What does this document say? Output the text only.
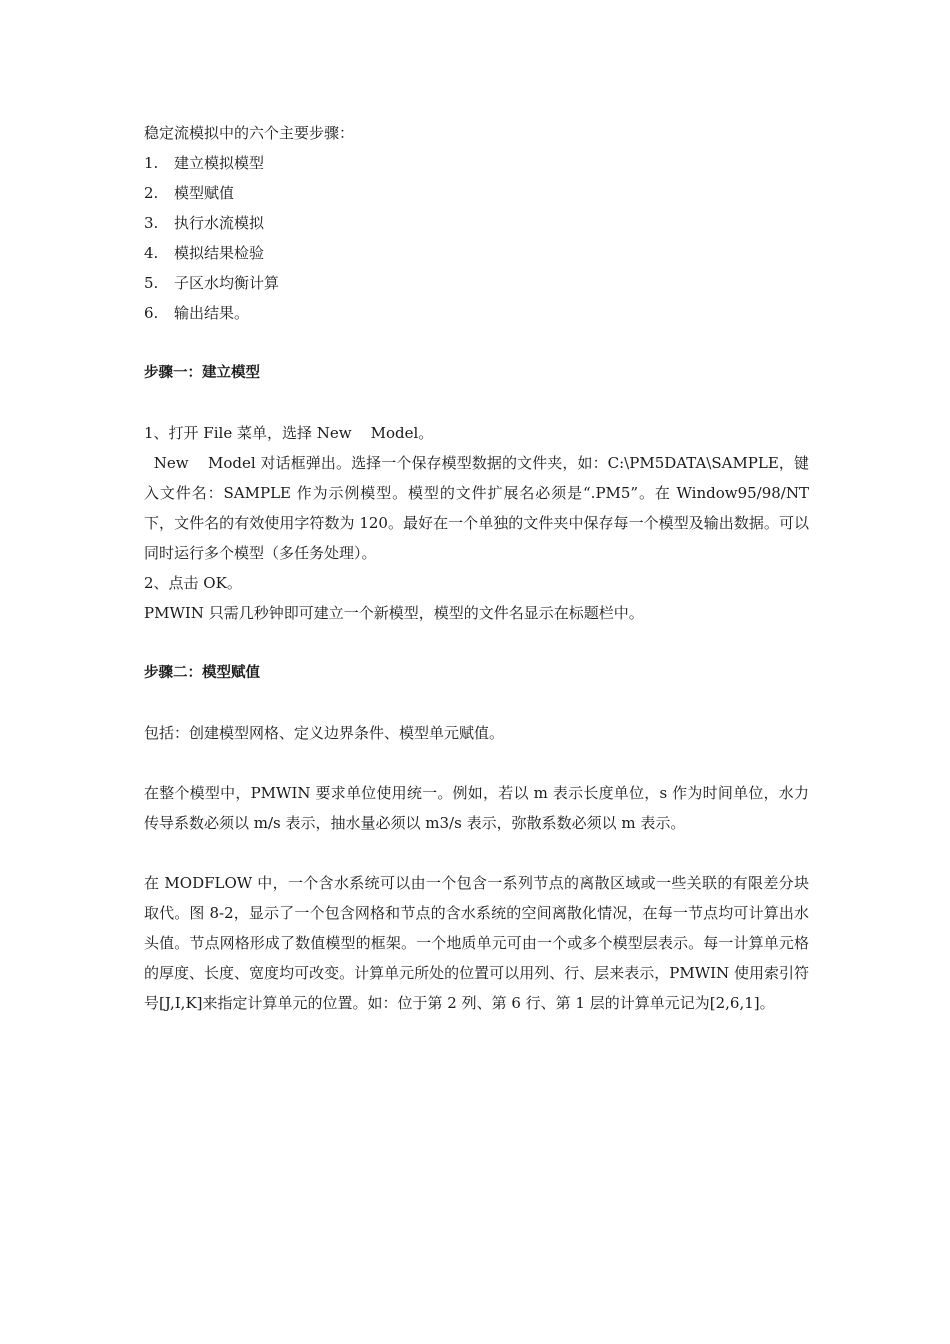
稳定流模拟中的六个主要步骤：

1.	建立模拟模型
2.	模型赋值
3.	执行水流模拟
4.	模拟结果检验
5.	子区水均衡计算
6.	输出结果。

步骤一：建立模型

1、打开 File 菜单，选择 New    Model。

New    Model 对话框弹出。选择一个保存模型数据的文件夹，如：C:\PM5DATA\SAMPLE，键入文件名：SAMPLE 作为示例模型。模型的文件扩展名必须是“.PM5”。在 Window95/98/NT 下，文件名的有效使用字符数为 120。最好在一个单独的文件夹中保存每一个模型及输出数据。可以同时运行多个模型（多任务处理）。

2、点击 OK。

PMWIN 只需几秒钟即可建立一个新模型，模型的文件名显示在标题栏中。

步骤二：模型赋值

包括：创建模型网格、定义边界条件、模型单元赋值。

在整个模型中，PMWIN 要求单位使用统一。例如，若以 m 表示长度单位，s 作为时间单位，水力传导系数必须以 m/s 表示，抽水量必须以 m3/s 表示，弥散系数必须以 m 表示。

在 MODFLOW 中，一个含水系统可以由一个包含一系列节点的离散区域或一些关联的有限差分块取代。图 8-2，显示了一个包含网格和节点的含水系统的空间离散化情况，在每一节点均可计算出水头值。节点网格形成了数值模型的框架。一个地质单元可由一个或多个模型层表示。每一计算单元格的厚度、长度、宽度均可改变。计算单元所处的位置可以用列、行、层来表示，PMWIN 使用索引符号[J,I,K]来指定计算单元的位置。如：位于第 2 列、第 6 行、第 1 层的计算单元记为[2,6,1]。
